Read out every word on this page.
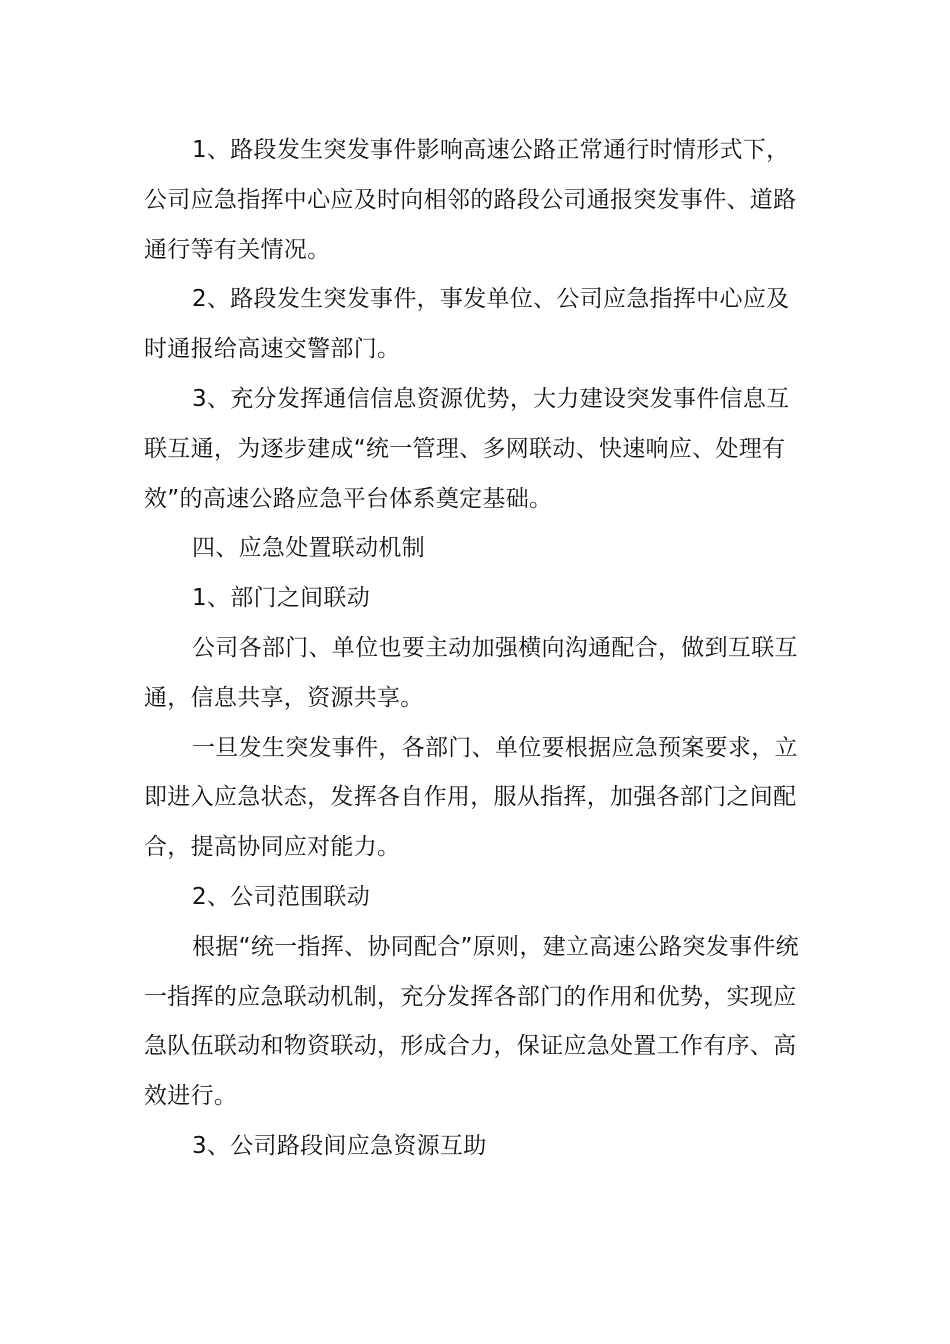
1、路段发生突发事件影响高速公路正常通行时情形式下，公司应急指挥中心应及时向相邻的路段公司通报突发事件、道路通行等有关情况。

2、路段发生突发事件，事发单位、公司应急指挥中心应及时通报给高速交警部门。

3、充分发挥通信信息资源优势，大力建设突发事件信息互联互通，为逐步建成“统一管理、多网联动、快速响应、处理有效”的高速公路应急平台体系奠定基础。

四、应急处置联动机制

1、部门之间联动

公司各部门、单位也要主动加强横向沟通配合，做到互联互通，信息共享，资源共享。

一旦发生突发事件，各部门、单位要根据应急预案要求，立即进入应急状态，发挥各自作用，服从指挥，加强各部门之间配合，提高协同应对能力。

2、公司范围联动

根据“统一指挥、协同配合”原则，建立高速公路突发事件统一指挥的应急联动机制，充分发挥各部门的作用和优势，实现应急队伍联动和物资联动，形成合力，保证应急处置工作有序、高效进行。

3、公司路段间应急资源互助
